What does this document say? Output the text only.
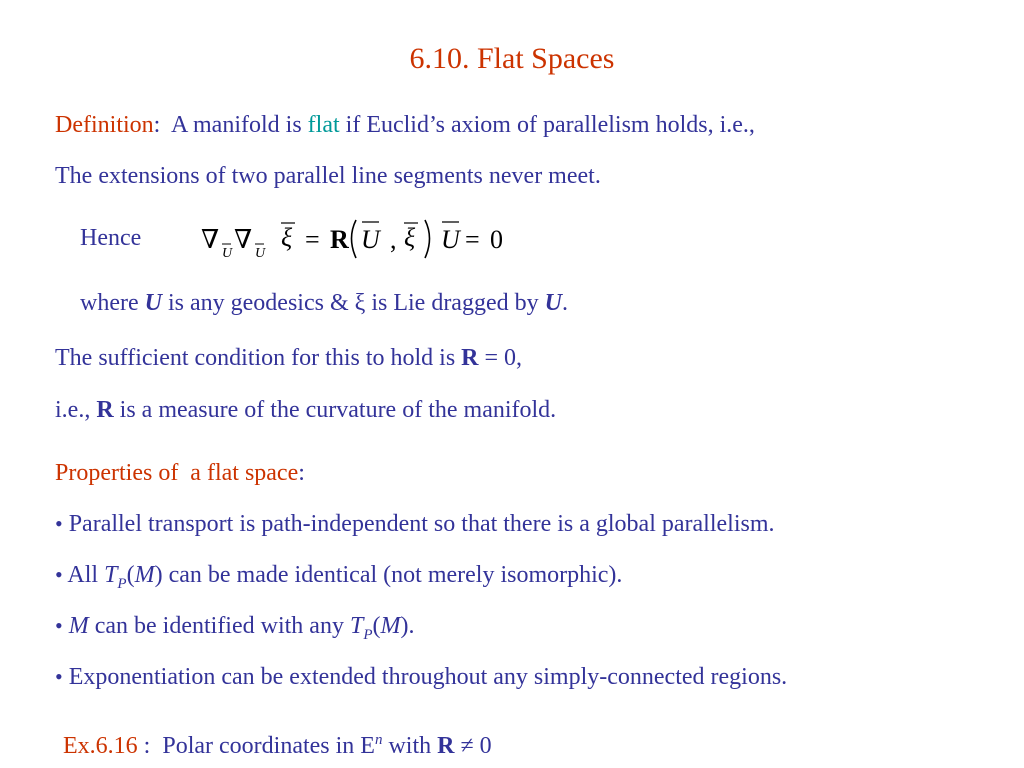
6.10. Flat Spaces
Definition:  A manifold is flat if Euclid’s axiom of parallelism holds, i.e.,
The extensions of two parallel line segments never meet.
Hence ∇ U ∇ U
ξ = R U , ξ U = 0
where U is any geodesics & ξ is Lie dragged by U.
The sufficient condition for this to hold is R = 0,
i.e., R is a measure of the curvature of the manifold.
Properties of  a flat space:
• Parallel transport is path-independent so that there is a global parallelism.
• All $T_P(M)$ can be made identical (not merely isomorphic).
• M can be identified with any $T_P(M)$.
• Exponentiation can be extended throughout any simply-connected regions.
Ex.6.16 :  Polar coordinates in $E^n$ with R ≠ 0
